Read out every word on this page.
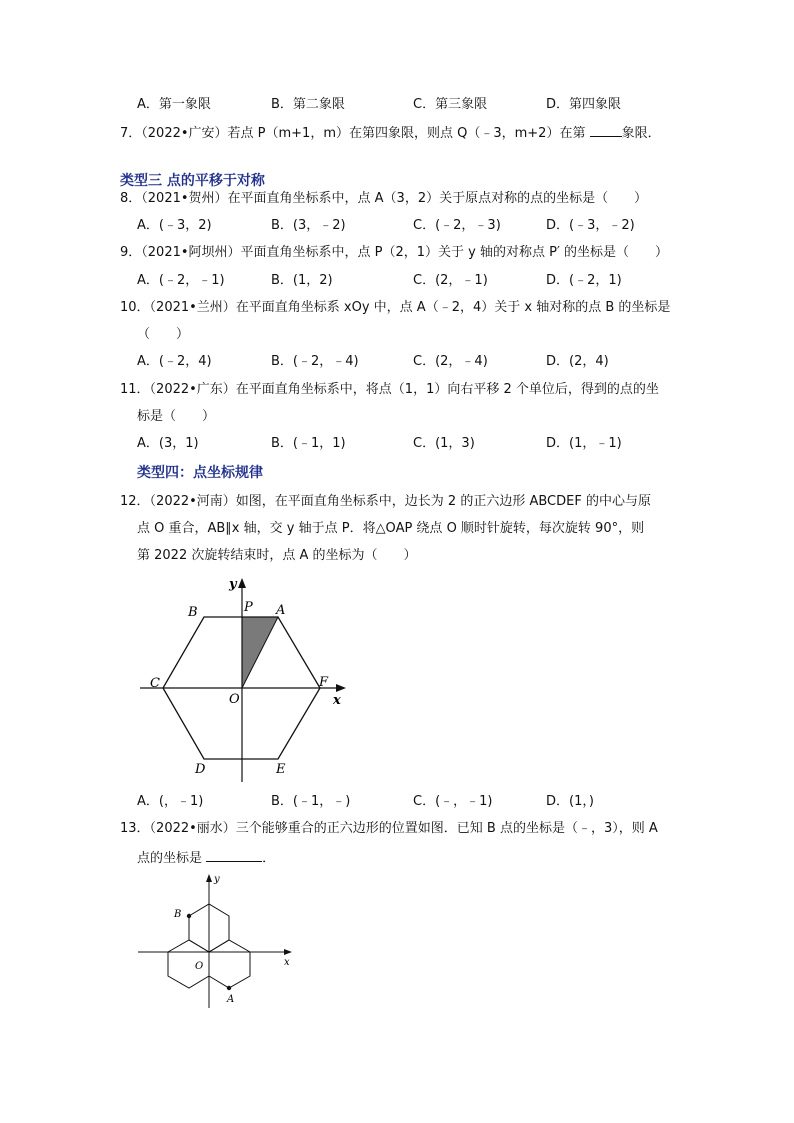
A．第一象限	B．第二象限	C．第三象限	D．第四象限
7．（2022•广安）若点 P（m+1，m）在第四象限，则点 Q（﹣3，m+2）在第 象限．
类型三 点的平移于对称
8．（2021•贺州）在平面直角坐标系中，点 A（3，2）关于原点对称的点的坐标是（　　）
A．(﹣3，2)	B．(3，﹣2)	C．(﹣2，﹣3)	D．(﹣3，﹣2)
9．（2021•阿坝州）平面直角坐标系中，点 P（2，1）关于 y 轴的对称点 P′ 的坐标是（　　）
A．(﹣2，﹣1)	B．(1，2)	C．(2，﹣1)	D．(﹣2，1)
10．（2021•兰州）在平面直角坐标系 xOy 中，点 A（﹣2，4）关于 x 轴对称的点 B 的坐标是
（　　）
A．(﹣2，4)	B．(﹣2，﹣4)	C．(2，﹣4)	D．(2，4)
11．（2022•广东）在平面直角坐标系中，将点（1，1）向右平移 2 个单位后，得到的点的坐
标是（　　）
A．(3，1)	B．(﹣1，1)	C．(1，3)	D．(1，﹣1)
类型四：点坐标规律
12．（2022•河南）如图，在平面直角坐标系中，边长为 2 的正六边形 ABCDEF 的中心与原
点 O 重合，AB∥x 轴，交 y 轴于点 P．将△OAP 绕点 O 顺时针旋转，每次旋转 90°，则
第 2022 次旋转结束时，点 A 的坐标为（　　）
y
x
B	P A
C
O
F
D	E
A．(，﹣1)	B．(﹣1，﹣)	C．(﹣，﹣1)	D．(1，)
13．（2022•丽水）三个能够重合的正六边形的位置如图．已知 B 点的坐标是（﹣，3），则 A
点的坐标是	．
y
x
B
O
A
